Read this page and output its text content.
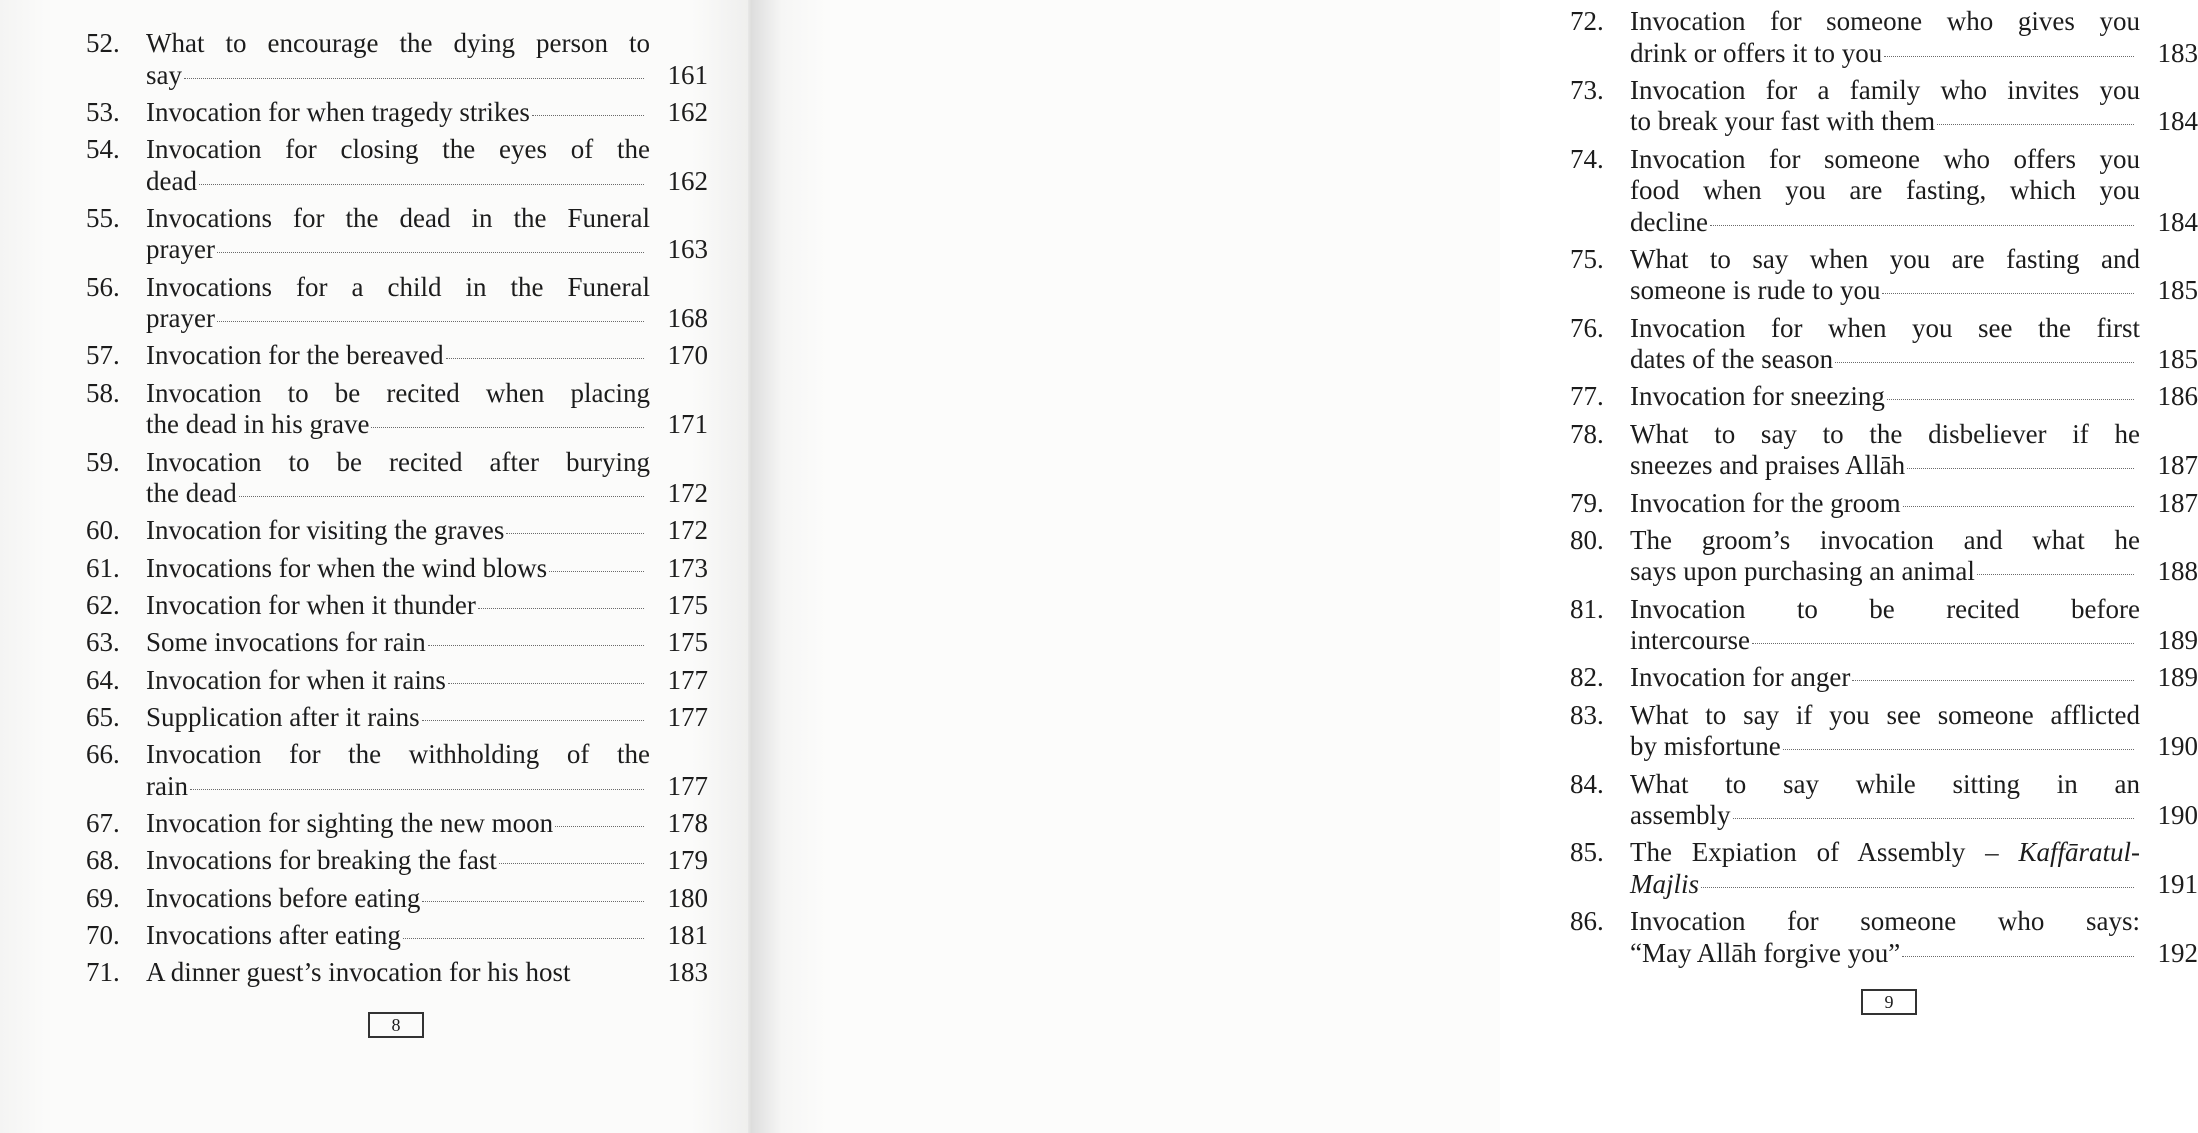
52. What to encourage the dying person to
say	161
53. Invocation for when tragedy strikes	162
54. Invocation for closing the eyes of the
dead	162
55. Invocations for the dead in the Funeral
prayer	163
56. Invocations for a child in the Funeral
prayer	168
57. Invocation for the bereaved	170
58. Invocation to be recited when placing
the dead in his grave	171
59. Invocation to be recited after burying
the dead	172
60. Invocation for visiting the graves	172
61. Invocations for when the wind blows	173
62. Invocation for when it thunder	175
63. Some invocations for rain	175
64. Invocation for when it rains	177
65. Supplication after it rains	177
66. Invocation for the withholding of the
rain	177
67. Invocation for sighting the new moon	178
68. Invocations for breaking the fast	179
69. Invocations before eating	180
70. Invocations after eating	181
71. A dinner guest’s invocation for his host	183
8
72. Invocation for someone who gives you
drink or offers it to you	183
73. Invocation for a family who invites you
to break your fast with them	184
74. Invocation for someone who offers you
food when you are fasting, which you
decline	184
75. What to say when you are fasting and
someone is rude to you	185
76. Invocation for when you see the first
dates of the season	185
77. Invocation for sneezing	186
78. What to say to the disbeliever if he
sneezes and praises Allāh	187
79. Invocation for the groom	187
80. The groom’s invocation and what he
says upon purchasing an animal	188
81. Invocation to be recited before
intercourse	189
82. Invocation for anger	189
83. What to say if you see someone afflicted
by misfortune	190
84. What to say while sitting in an
assembly	190
85. The Expiation of Assembly – Kaffāratul-
Majlis	191
86. Invocation for someone who says:
“May Allāh forgive you”	192
9
